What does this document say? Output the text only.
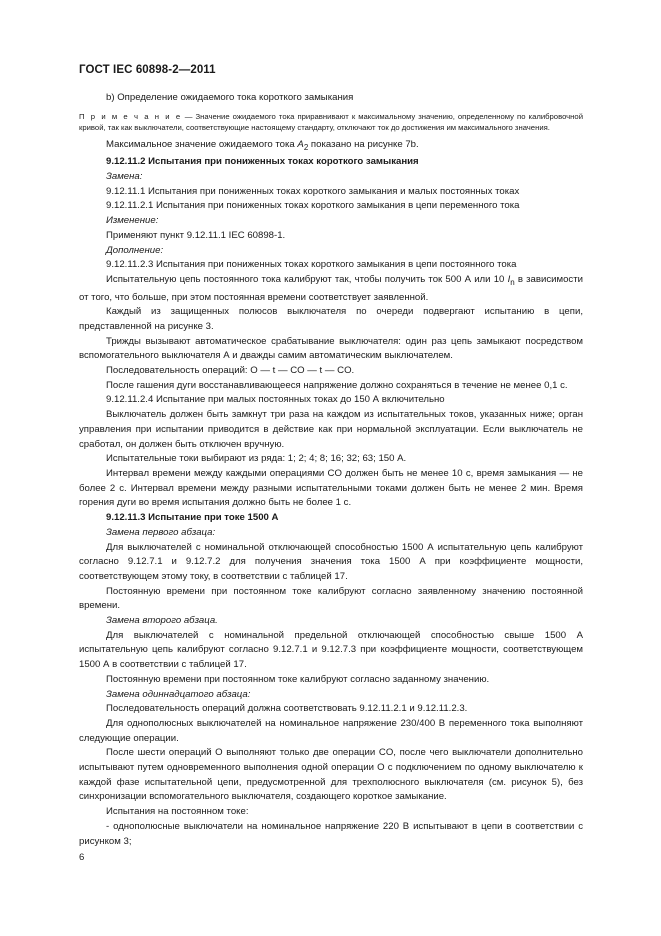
ГОСТ IEC 60898-2—2011

b) Определение ожидаемого тока короткого замыкания

П р и м е ч а н и е — Значение ожидаемого тока приравнивают к максимальному значению, определенному по калибровочной кривой, так как выключатели, соответствующие настоящему стандарту, отключают ток до достижения им максимального значения.

Максимальное значение ожидаемого тока $A_2$ показано на рисунке 7b.

9.12.11.2 Испытания при пониженных токах короткого замыкания

Замена:

9.12.11.1 Испытания при пониженных токах короткого замыкания и малых постоянных токах

9.12.11.2.1 Испытания при пониженных токах короткого замыкания в цепи переменного тока

Изменение:

Применяют пункт 9.12.11.1 IEC 60898-1.

Дополнение:

9.12.11.2.3 Испытания при пониженных токах короткого замыкания в цепи постоянного тока

Испытательную цепь постоянного тока калибруют так, чтобы получить ток 500 А или 10 $I_n$ в зависимости от того, что больше, при этом постоянная времени соответствует заявленной.

Каждый из защищенных полюсов выключателя по очереди подвергают испытанию в цепи, представленной на рисунке 3.

Трижды вызывают автоматическое срабатывание выключателя: один раз цепь замыкают посредством вспомогательного выключателя А и дважды самим автоматическим выключателем.

Последовательность операций: О — t — CO — t — CO.

После гашения дуги восстанавливающееся напряжение должно сохраняться в течение не менее 0,1 с.

9.12.11.2.4 Испытание при малых постоянных токах до 150 А включительно

Выключатель должен быть замкнут три раза на каждом из испытательных токов, указанных ниже; орган управления при испытании приводится в действие как при нормальной эксплуатации. Если выключатель не сработал, он должен быть отключен вручную.

Испытательные токи выбирают из ряда: 1; 2; 4; 8; 16; 32; 63; 150 А.

Интервал времени между каждыми операциями CO должен быть не менее 10 с, время замыкания — не более 2 с. Интервал времени между разными испытательными токами должен быть не менее 2 мин. Время горения дуги во время испытания должно быть не более 1 с.

9.12.11.3 Испытание при токе 1500 А

Замена первого абзаца:

Для выключателей с номинальной отключающей способностью 1500 А испытательную цепь калибруют согласно 9.12.7.1 и 9.12.7.2 для получения значения тока 1500 А при коэффициенте мощности, соответствующем этому току, в соответствии с таблицей 17.

Постоянную времени при постоянном токе калибруют согласно заявленному значению постоянной времени.

Замена второго абзаца.

Для выключателей с номинальной предельной отключающей способностью свыше 1500 А испытательную цепь калибруют согласно 9.12.7.1 и 9.12.7.3 при коэффициенте мощности, соответствующем 1500 А в соответствии с таблицей 17.

Постоянную времени при постоянном токе калибруют согласно заданному значению.

Замена одиннадцатого абзаца:

Последовательность операций должна соответствовать 9.12.11.2.1 и 9.12.11.2.3.

Для однополюсных выключателей на номинальное напряжение 230/400 В переменного тока выполняют следующие операции.

После шести операций О выполняют только две операции CO, после чего выключатели дополнительно испытывают путем одновременного выполнения одной операции О с подключением по одному выключателю к каждой фазе испытательной цепи, предусмотренной для трехполюсного выключателя (см. рисунок 5), без синхронизации вспомогательного выключателя, создающего короткое замыкание.

Испытания на постоянном токе:

- однополюсные выключатели на номинальное напряжение 220 В испытывают в цепи в соответствии с рисунком 3;

6
